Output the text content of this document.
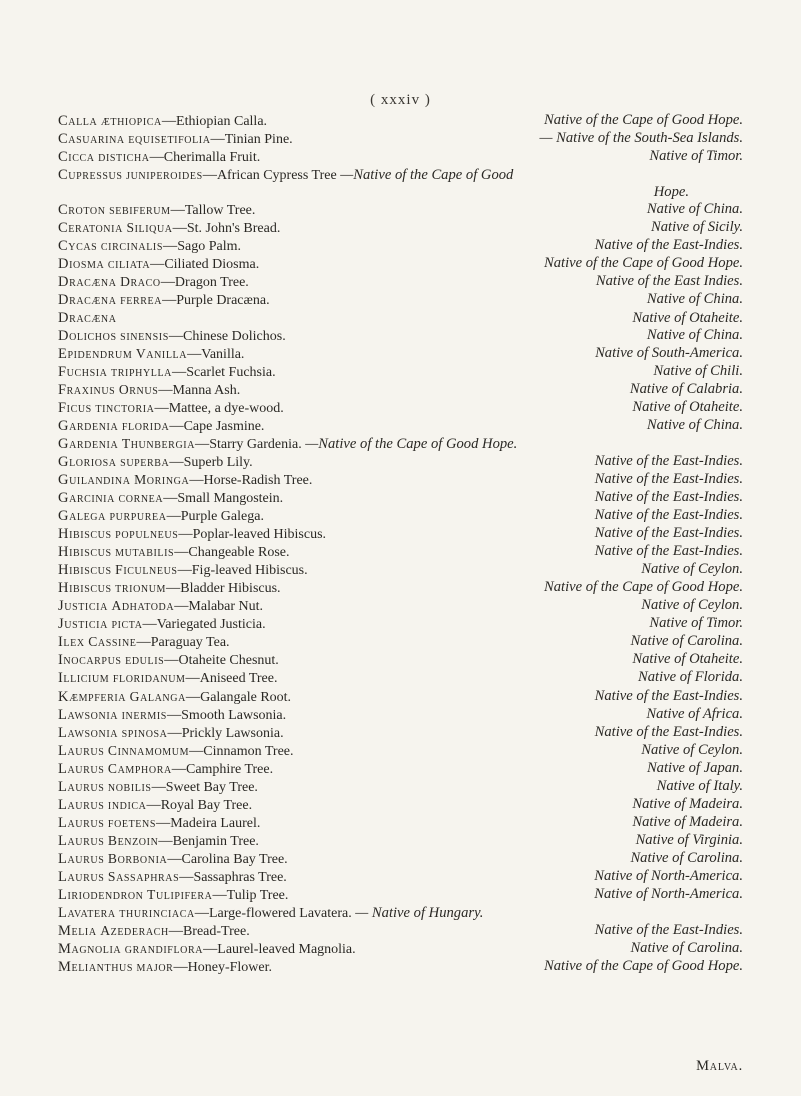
( xxxiv )
Calla æthiopica—Ethiopian Calla.	Native of the Cape of Good Hope.
Casuarina equisetifolia—Tinian Pine.	— Native of the South-Sea Islands.
Cicca disticha—Cherimalla Fruit.	Native of Timor.
Cupressus juniperoides—African Cypress Tree —Native of the Cape of Good
Hope.

Croton sebiferum—Tallow Tree.	Native of China.
Ceratonia Siliqua—St. John's Bread.	Native of Sicily.
Cycas circinalis—Sago Palm.	Native of the East-Indies.
Diosma ciliata—Ciliated Diosma.	Native of the Cape of Good Hope.
Dracæna Draco—Dragon Tree.	Native of the East Indies.
Dracæna ferrea—Purple Dracæna.	Native of China.
Dracæna	Native of Otaheite.
Dolichos sinensis—Chinese Dolichos.	Native of China.
Epidendrum Vanilla—Vanilla.	Native of South-America.
Fuchsia triphylla—Scarlet Fuchsia.	Native of Chili.
Fraxinus Ornus—Manna Ash.	Native of Calabria.
Ficus tinctoria—Mattee, a dye-wood.	Native of Otaheite.
Gardenia florida—Cape Jasmine.	Native of China.
Gardenia Thunbergia—Starry Gardenia. —Native of the Cape of Good Hope.
Gloriosa superba—Superb Lily.	Native of the East-Indies.
Guilandina Moringa—Horse-Radish Tree.	Native of the East-Indies.
Garcinia cornea—Small Mangostein.	Native of the East-Indies.
Galega purpurea—Purple Galega.	Native of the East-Indies.
Hibiscus populneus—Poplar-leaved Hibiscus.	Native of the East-Indies.
Hibiscus mutabilis—Changeable Rose.	Native of the East-Indies.
Hibiscus Ficulneus—Fig-leaved Hibiscus.	Native of Ceylon.
Hibiscus trionum—Bladder Hibiscus.	Native of the Cape of Good Hope.
Justicia Adhatoda—Malabar Nut.	Native of Ceylon.
Justicia picta—Variegated Justicia.	Native of Timor.
Ilex Cassine—Paraguay Tea.	Native of Carolina.
Inocarpus edulis—Otaheite Chesnut.	Native of Otaheite.
Illicium floridanum—Aniseed Tree.	Native of Florida.
Kæmpferia Galanga—Galangale Root.	Native of the East-Indies.
Lawsonia inermis—Smooth Lawsonia.	Native of Africa.
Lawsonia spinosa—Prickly Lawsonia.	Native of the East-Indies.
Laurus Cinnamomum—Cinnamon Tree.	Native of Ceylon.
Laurus Camphora—Camphire Tree.	Native of Japan.
Laurus nobilis—Sweet Bay Tree.	Native of Italy.
Laurus indica—Royal Bay Tree.	Native of Madeira.
Laurus foetens—Madeira Laurel.	Native of Madeira.
Laurus Benzoin—Benjamin Tree.	Native of Virginia.
Laurus Borbonia—Carolina Bay Tree.	Native of Carolina.
Laurus Sassaphras—Sassaphras Tree.	Native of North-America.
Liriodendron Tulipifera—Tulip Tree.	Native of North-America.
Lavatera thurinciaca—Large-flowered Lavatera. — Native of Hungary.
Melia Azederach—Bread-Tree.	Native of the East-Indies.
Magnolia grandiflora—Laurel-leaved Magnolia.	Native of Carolina.
Melianthus major—Honey-Flower.	Native of the Cape of Good Hope.
Malva.
